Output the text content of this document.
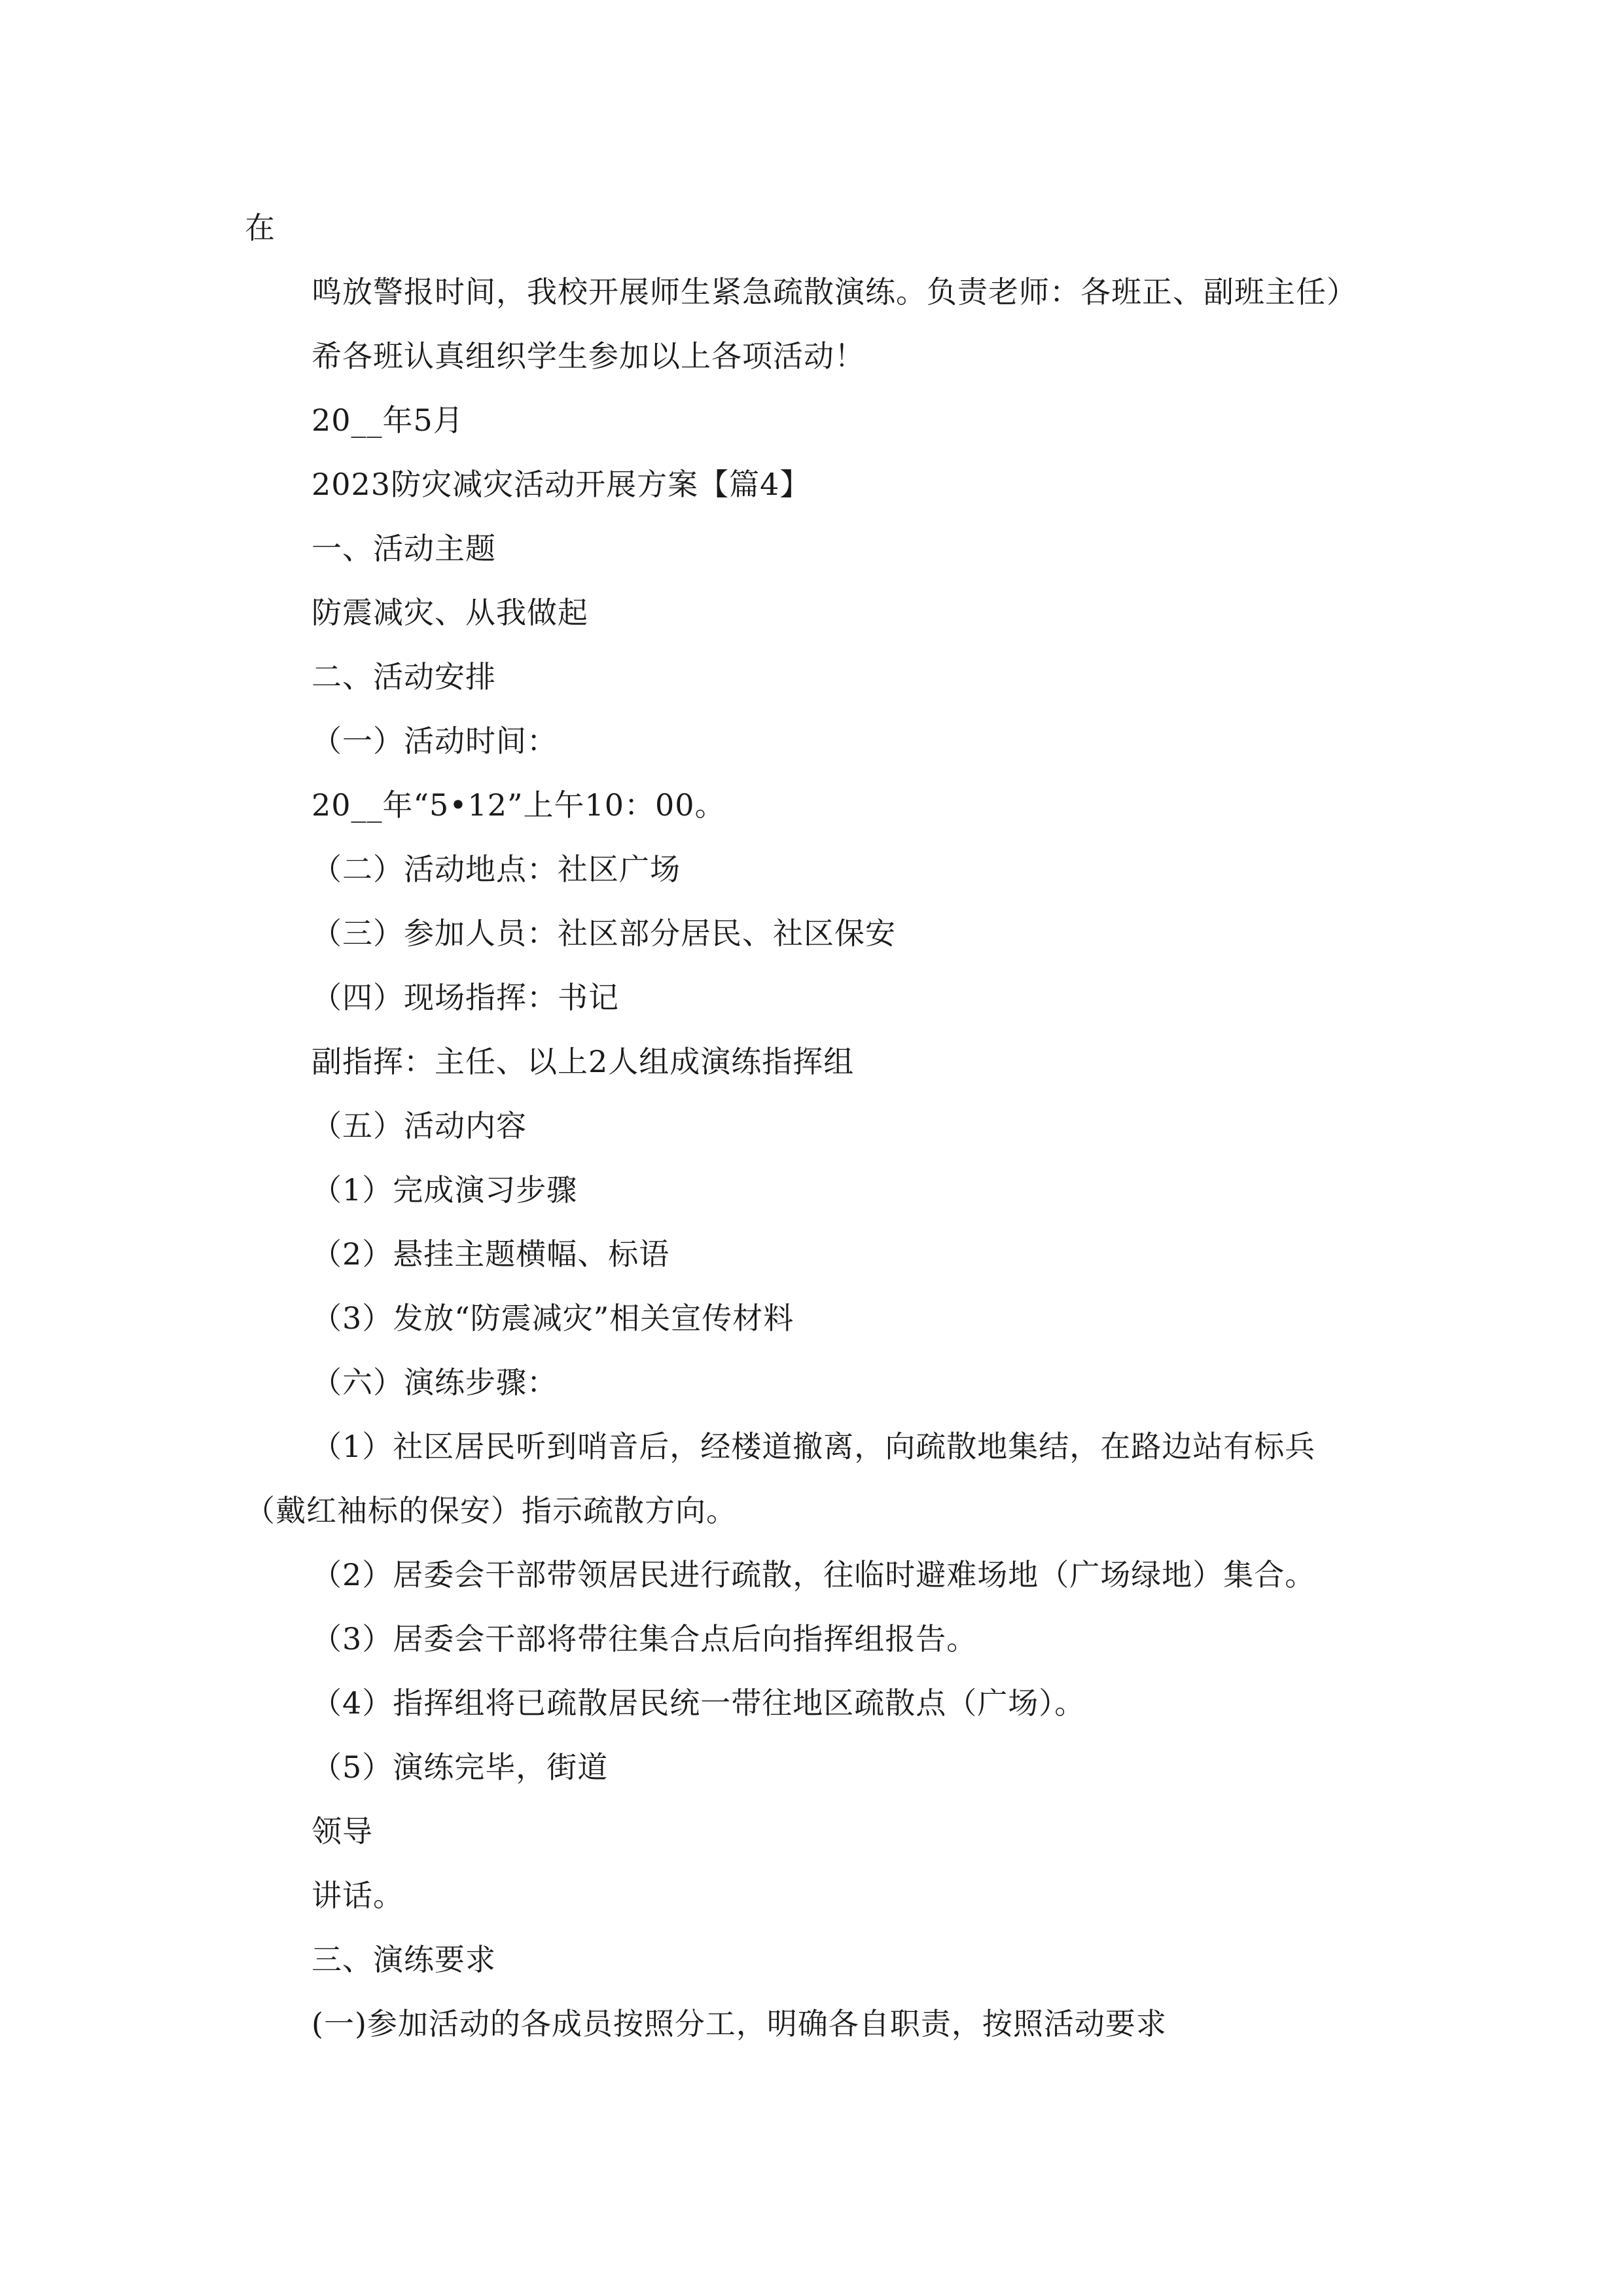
在
鸣放警报时间，我校开展师生紧急疏散演练。负责老师：各班正、副班主任）
希各班认真组织学生参加以上各项活动！
20__年5月
2023防灾减灾活动开展方案【篇4】
一、活动主题
防震减灾、从我做起
二、活动安排
（一）活动时间：
20__年“5•12”上午10：00。
（二）活动地点：社区广场
（三）参加人员：社区部分居民、社区保安
（四）现场指挥：书记
副指挥：主任、以上2人组成演练指挥组
（五）活动内容
（1）完成演习步骤
（2）悬挂主题横幅、标语
（3）发放“防震减灾”相关宣传材料
（六）演练步骤：
（1）社区居民听到哨音后，经楼道撤离，向疏散地集结，在路边站有标兵
（戴红袖标的保安）指示疏散方向。
（2）居委会干部带领居民进行疏散，往临时避难场地（广场绿地）集合。
（3）居委会干部将带往集合点后向指挥组报告。
（4）指挥组将已疏散居民统一带往地区疏散点（广场）。
（5）演练完毕，街道
领导
讲话。
三、演练要求
(一)参加活动的各成员按照分工，明确各自职责，按照活动要求
